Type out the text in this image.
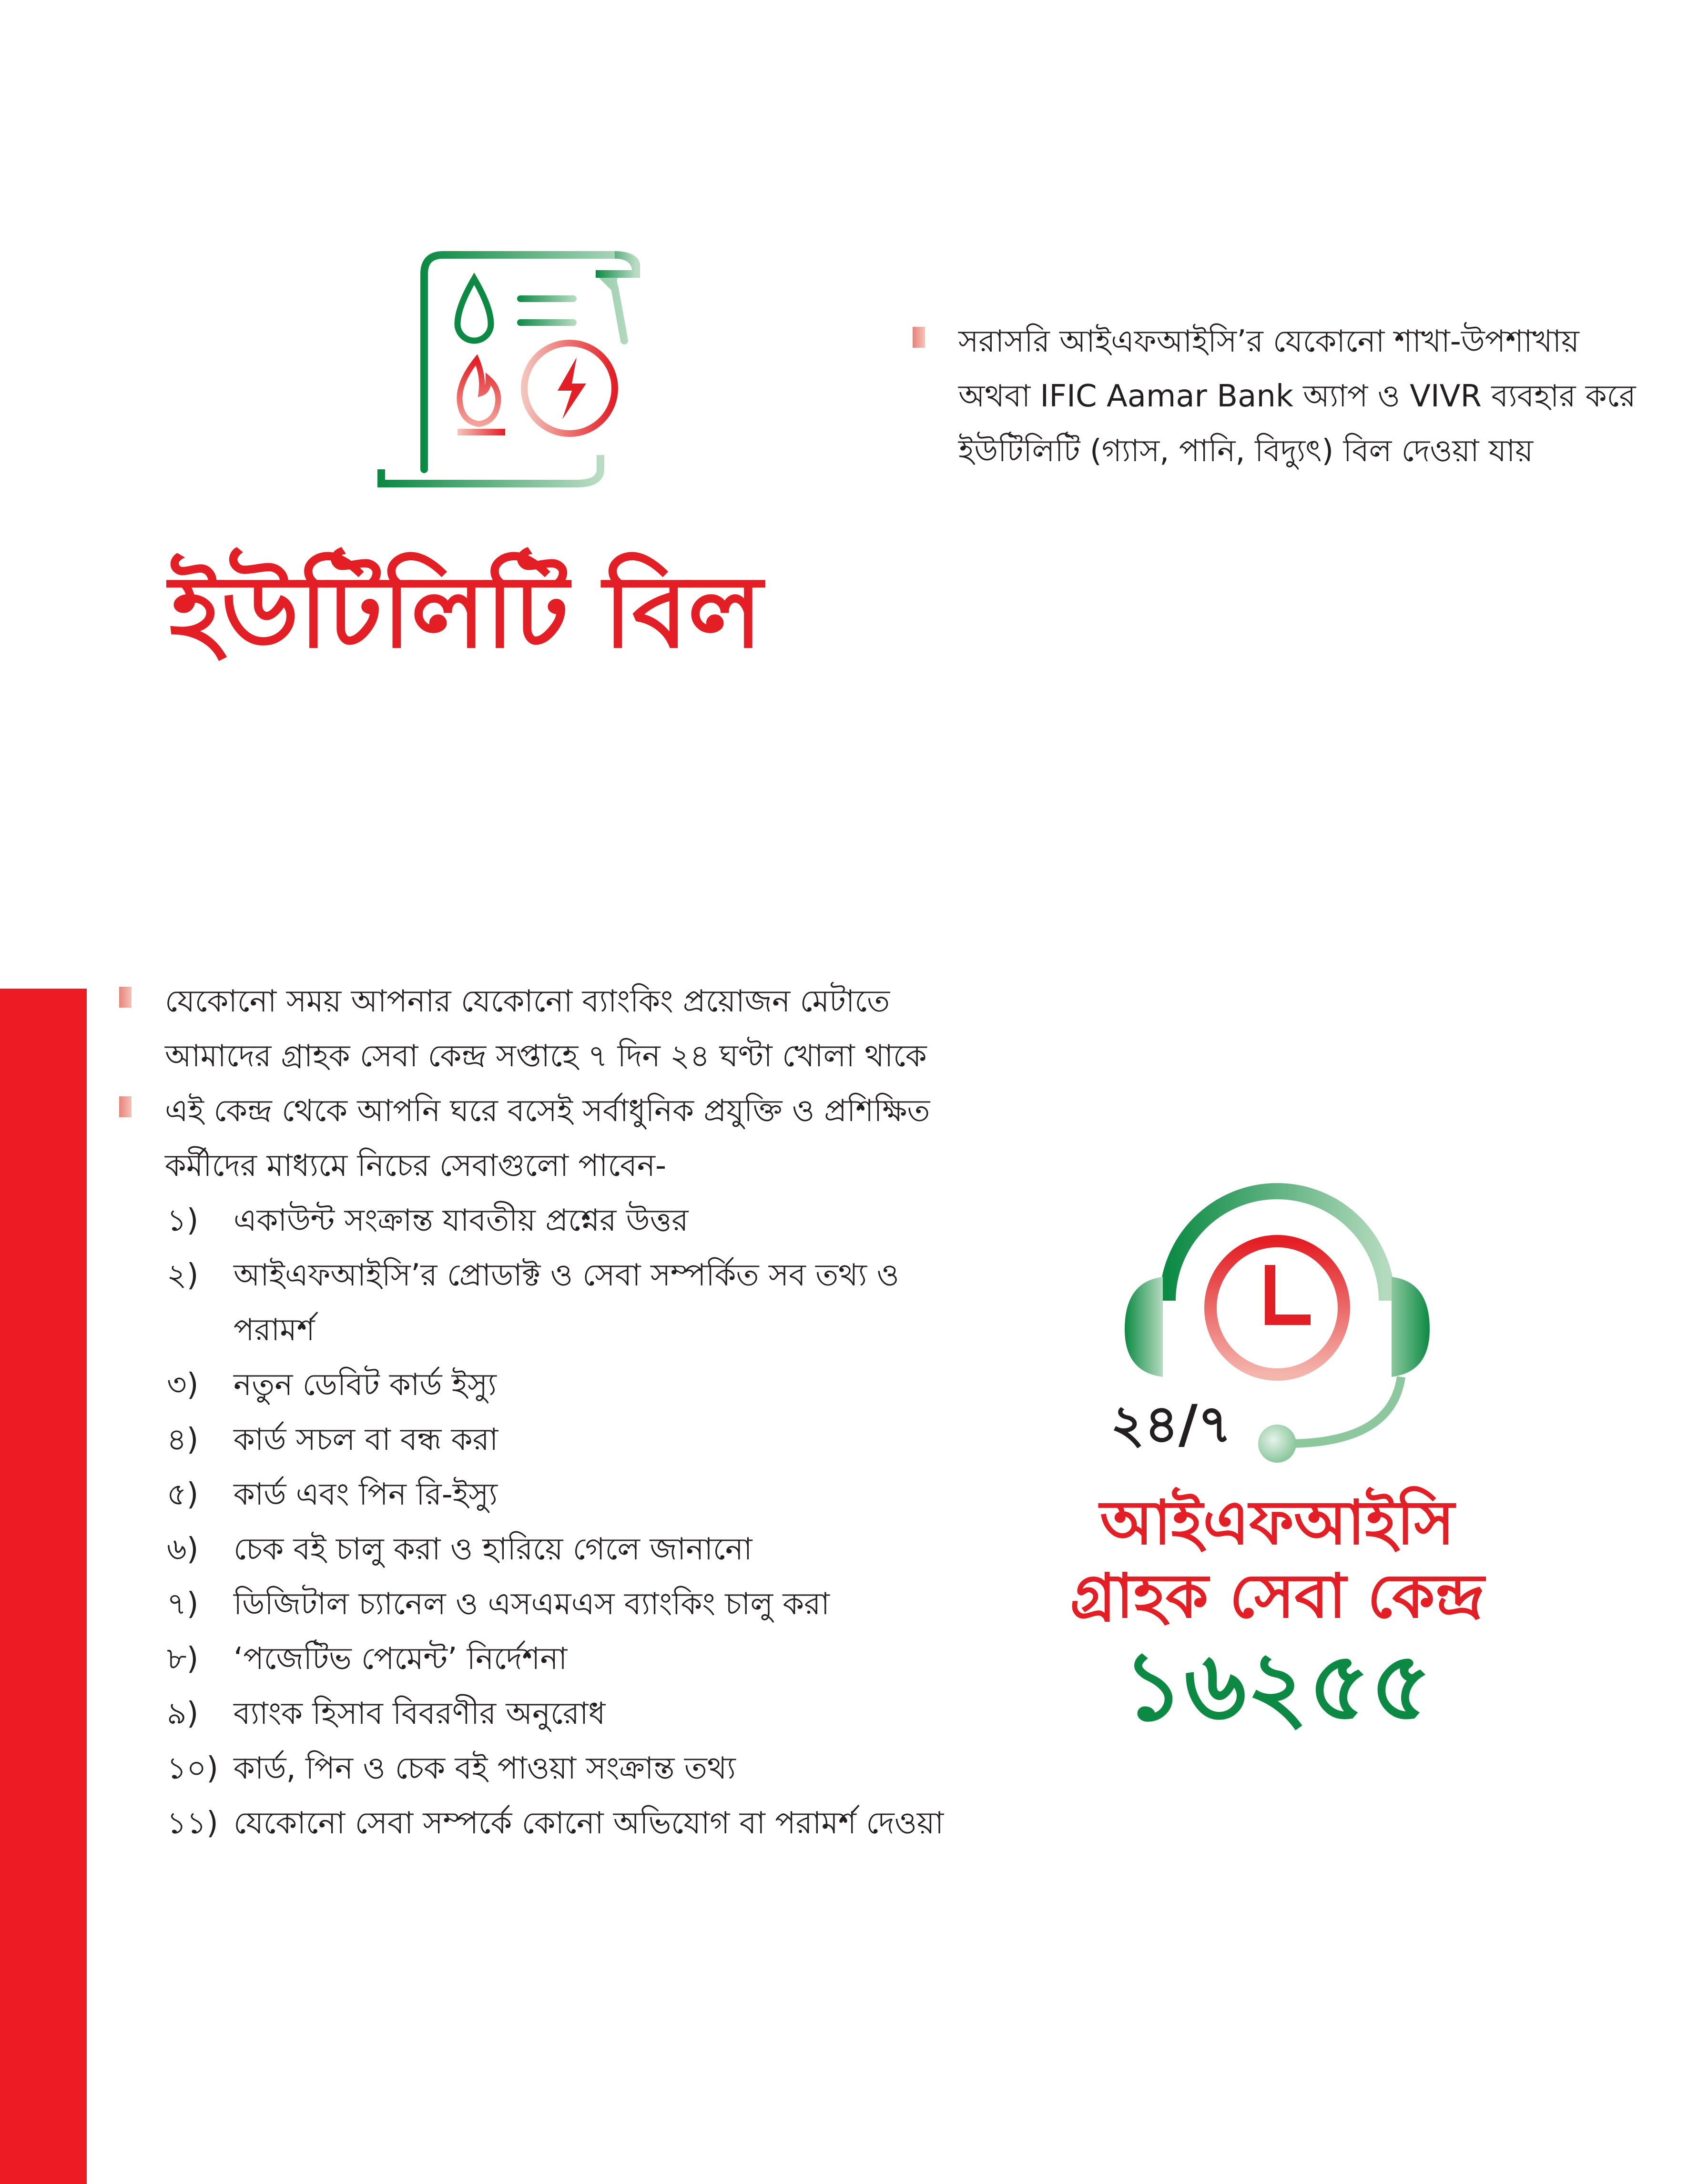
ইউটিলিটি বিল
সরাসরি আইএফআইসি’র যেকোনো শাখা-উপশাখায় অথবা IFIC Aamar Bank অ্যাপ ও VIVR ব্যবহার করে ইউটিলিটি (গ্যাস, পানি, বিদ্যুৎ) বিল দেওয়া যায়
যেকোনো সময় আপনার যেকোনো ব্যাংকিং প্রয়োজন মেটাতে আমাদের গ্রাহক সেবা কেন্দ্র সপ্তাহে ৭ দিন ২৪ ঘণ্টা খোলা থাকে
এই কেন্দ্র থেকে আপনি ঘরে বসেই সর্বাধুনিক প্রযুক্তি ও প্রশিক্ষিত কর্মীদের মাধ্যমে নিচের সেবাগুলো পাবেন-
১)	একাউন্ট সংক্রান্ত যাবতীয় প্রশ্নের উত্তর
২)	আইএফআইসি’র প্রোডাক্ট ও সেবা সম্পর্কিত সব তথ্য ও পরামর্শ
৩)	নতুন ডেবিট কার্ড ইস্যু
৪)	কার্ড সচল বা বন্ধ করা
৫)	কার্ড এবং পিন রি-ইস্যু
৬)	চেক বই চালু করা ও হারিয়ে গেলে জানানো
৭)	ডিজিটাল চ্যানেল ও এসএমএস ব্যাংকিং চালু করা
৮)	‘পজেটিভ পেমেন্ট’ নির্দেশনা
৯)	ব্যাংক হিসাব বিবরণীর অনুরোধ
১০) কার্ড, পিন ও চেক বই পাওয়া সংক্রান্ত তথ্য
১১) যেকোনো সেবা সম্পর্কে কোনো অভিযোগ বা পরামর্শ দেওয়া
২৪/৭
আইএফআইসি
গ্রাহক সেবা কেন্দ্র
১৬২৫৫
